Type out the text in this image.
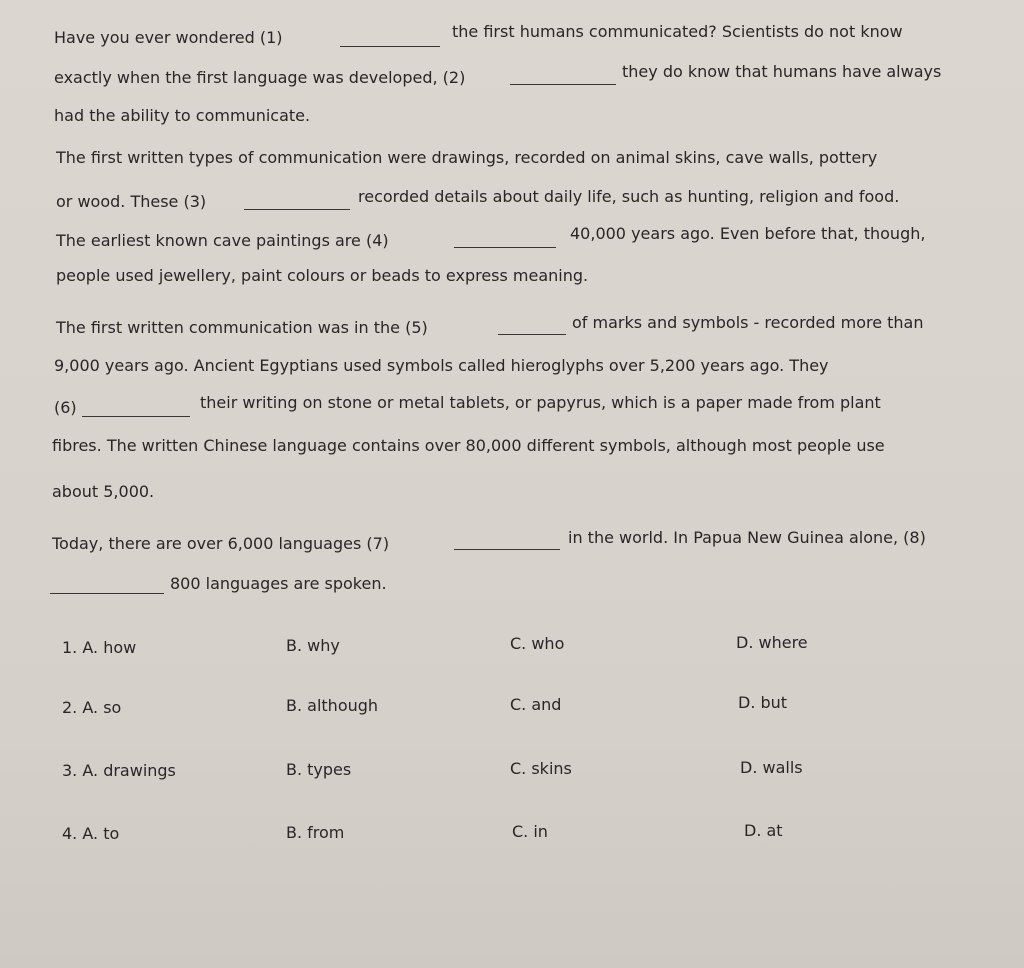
Have you ever wondered (1)	the first humans communicated? Scientists do not know
exactly when the first language was developed, (2)	they do know that humans have always
had the ability to communicate.
The first written types of communication were drawings, recorded on animal skins, cave walls, pottery
or wood. These (3)	recorded details about daily life, such as hunting, religion and food.
The earliest known cave paintings are (4)	40,000 years ago. Even before that, though,
people used jewellery, paint colours or beads to express meaning.
The first written communication was in the (5)	of marks and symbols - recorded more than
9,000 years ago. Ancient Egyptians used symbols called hieroglyphs over 5,200 years ago. They
(6)	their writing on stone or metal tablets, or papyrus, which is a paper made from plant
fibres. The written Chinese language contains over 80,000 different symbols, although most people use
about 5,000.
Today, there are over 6,000 languages (7)	in the world. In Papua New Guinea alone, (8)
800 languages are spoken.
1. A. how	B. why	C. who	D. where
2. A. so	B. although	C. and	D. but
3. A. drawings	B. types	C. skins	D. walls
4. A. to	B. from	C. in	D. at
